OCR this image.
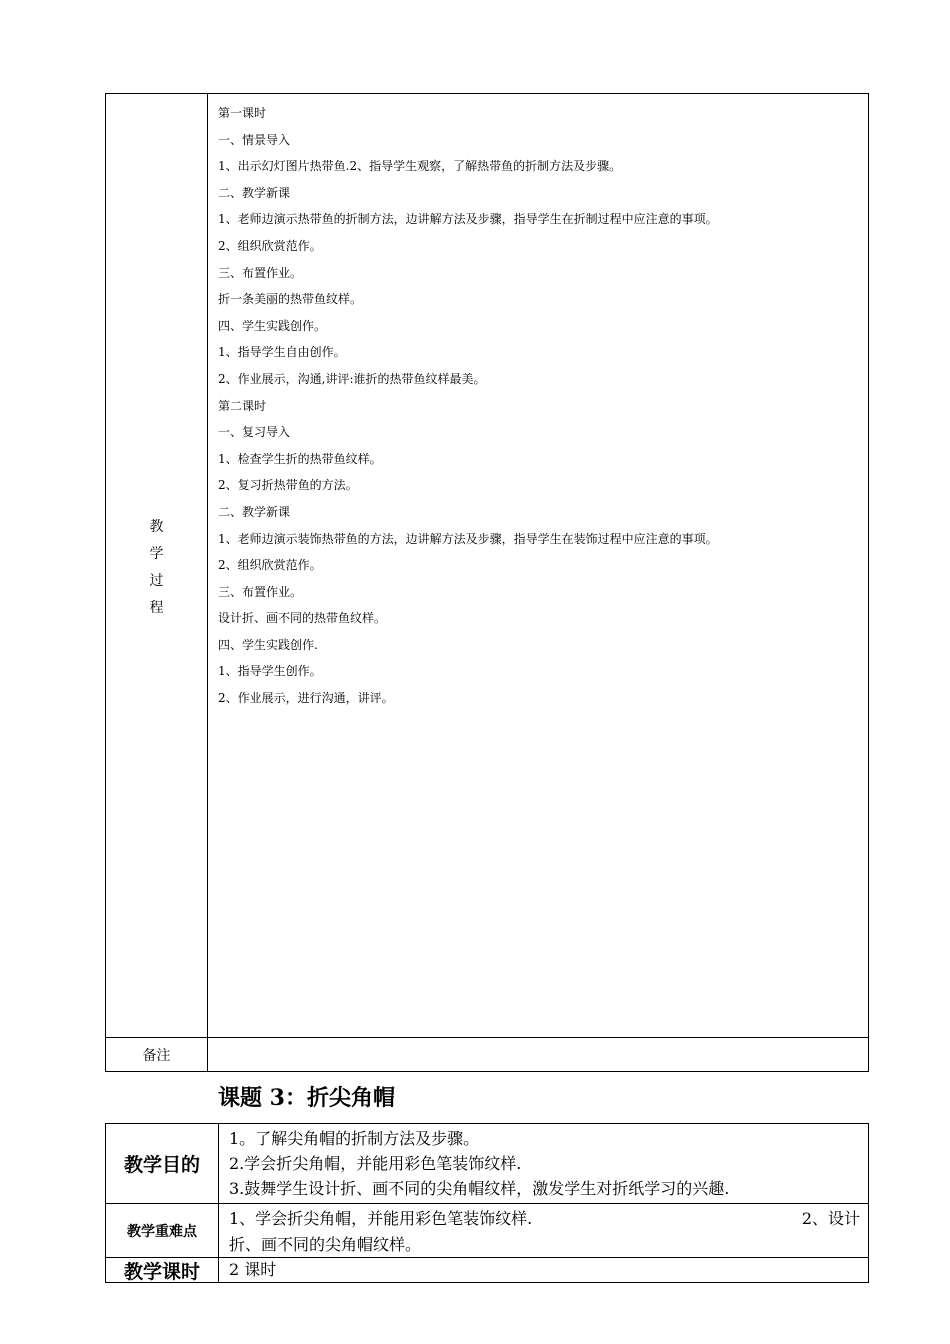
教
学
过
程
第一课时
一、情景导入
1、出示幻灯图片热带鱼.2、指导学生观察，了解热带鱼的折制方法及步骤。
二、教学新课
1、老师边演示热带鱼的折制方法，边讲解方法及步骤，指导学生在折制过程中应注意的事项。
2、组织欣赏范作。
三、布置作业。
折一条美丽的热带鱼纹样。
四、学生实践创作。
1、指导学生自由创作。
2、作业展示，沟通,讲评:谁折的热带鱼纹样最美。
第二课时
一、复习导入
1、检查学生折的热带鱼纹样。
2、复习折热带鱼的方法。
二、教学新课
1、老师边演示装饰热带鱼的方法，边讲解方法及步骤，指导学生在装饰过程中应注意的事项。
2、组织欣赏范作。
三、布置作业。
设计折、画不同的热带鱼纹样。
四、学生实践创作.
1、指导学生创作。
2、作业展示，进行沟通，讲评。
备注
课题 3：折尖角帽
教学目的
1。了解尖角帽的折制方法及步骤。
2.学会折尖角帽，并能用彩色笔装饰纹样.
3.鼓舞学生设计折、画不同的尖角帽纹样，激发学生对折纸学习的兴趣.
教学重难点
1、学会折尖角帽，并能用彩色笔装饰纹样.	2、设计
折、画不同的尖角帽纹样。
教学课时	2 课时
